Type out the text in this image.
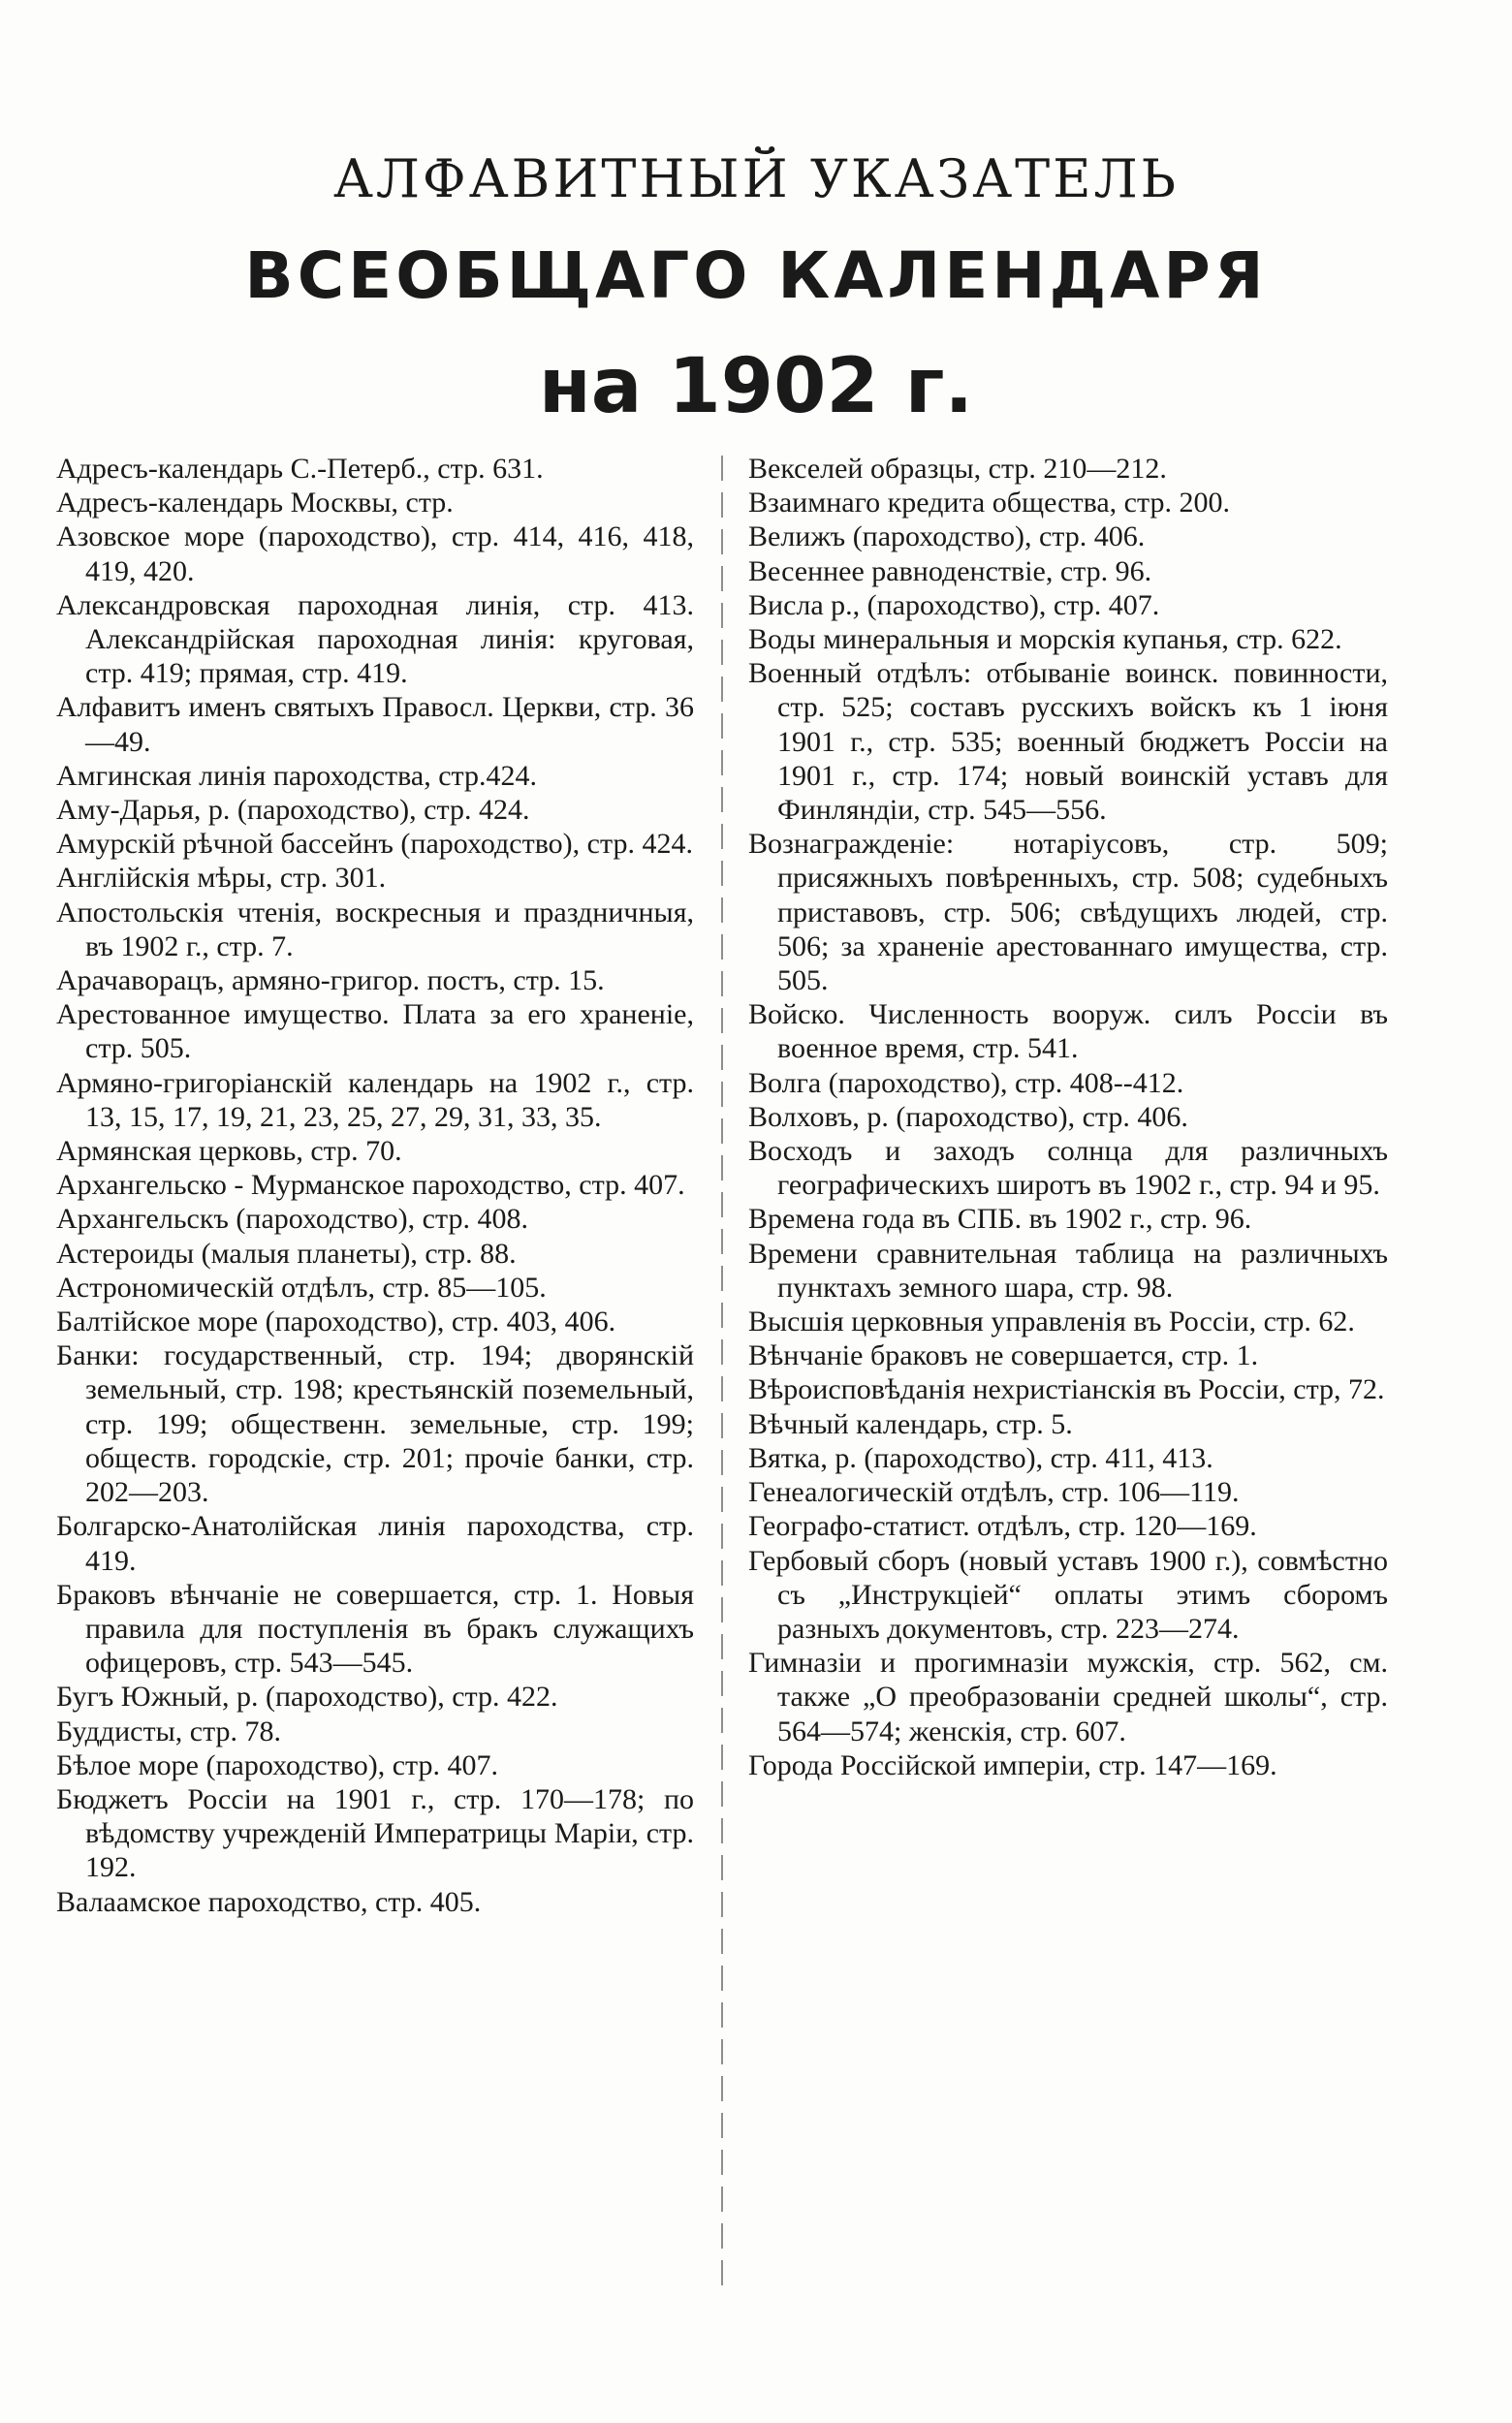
АЛФАВИТНЫЙ УКАЗАТЕЛЬ
ВСЕОБЩАГО КАЛЕНДАРЯ
на 1902 г.
Адресъ-календарь С.-Петерб., стр. 631.
Адресъ-календарь Москвы, стр.
Азовское море (пароходство), стр. 414, 416, 418, 419, 420.
Александровская пароходная линія, стр. 413. Александрійская пароходная линія: круговая, стр. 419; прямая, стр. 419.
Алфавитъ именъ святыхъ Правосл. Церкви, стр. 36—49.
Амгинская линія пароходства, стр.424.
Аму-Дарья, р. (пароходство), стр. 424.
Амурскій рѣчной бассейнъ (пароходство), стр. 424.
Англійскія мѣры, стр. 301.
Апостольскія чтенія, воскресныя и праздничныя, въ 1902 г., стр. 7.
Арачаворацъ, армяно-григор. постъ, стр. 15.
Арестованное имущество. Плата за его храненіе, стр. 505.
Армяно-григоріанскій календарь на 1902 г., стр. 13, 15, 17, 19, 21, 23, 25, 27, 29, 31, 33, 35.
Армянская церковь, стр. 70.
Архангельско - Мурманское пароходство, стр. 407.
Архангельскъ (пароходство), стр. 408.
Астероиды (малыя планеты), стр. 88.
Астрономическій отдѣлъ, стр. 85—105.
Балтійское море (пароходство), стр. 403, 406.
Банки: государственный, стр. 194; дворянскій земельный, стр. 198; крестьянскій поземельный, стр. 199; общественн. земельные, стр. 199; обществ. городскіе, стр. 201; прочіе банки, стр. 202—203.
Болгарско-Анатолійская линія пароходства, стр. 419.
Браковъ вѣнчаніе не совершается, стр. 1. Новыя правила для поступленія въ бракъ служащихъ офицеровъ, стр. 543—545.
Бугъ Южный, р. (пароходство), стр. 422.
Буддисты, стр. 78.
Бѣлое море (пароходство), стр. 407.
Бюджетъ Россіи на 1901 г., стр. 170—178; по вѣдомству учрежденій Императрицы Маріи, стр. 192.
Валаамское пароходство, стр. 405.
Векселей образцы, стр. 210—212.
Взаимнаго кредита общества, стр. 200.
Велижъ (пароходство), стр. 406.
Весеннее равноденствіе, стр. 96.
Висла р., (пароходство), стр. 407.
Воды минеральныя и морскія купанья, стр. 622.
Военный отдѣлъ: отбываніе воинск. повинности, стр. 525; составъ русскихъ войскъ къ 1 іюня 1901 г., стр. 535; военный бюджетъ Россіи на 1901 г., стр. 174; новый воинскій уставъ для Финляндіи, стр. 545—556.
Вознагражденіе: нотаріусовъ, стр. 509; присяжныхъ повѣренныхъ, стр. 508; судебныхъ приставовъ, стр. 506; свѣдущихъ людей, стр. 506; за храненіе арестованнаго имущества, стр. 505.
Войско. Численность вооруж. силъ Россіи въ военное время, стр. 541.
Волга (пароходство), стр. 408--412.
Волховъ, р. (пароходство), стр. 406.
Восходъ и заходъ солнца для различныхъ географическихъ широтъ въ 1902 г., стр. 94 и 95.
Времена года въ СПБ. въ 1902 г., стр. 96.
Времени сравнительная таблица на различныхъ пунктахъ земного шара, стр. 98.
Высшія церковныя управленія въ Россіи, стр. 62.
Вѣнчаніе браковъ не совершается, стр. 1.
Вѣроисповѣданія нехристіанскія въ Россіи, стр, 72.
Вѣчный календарь, стр. 5.
Вятка, р. (пароходство), стр. 411, 413.
Генеалогическій отдѣлъ, стр. 106—119.
Географо-статист. отдѣлъ, стр. 120—169.
Гербовый сборъ (новый уставъ 1900 г.), совмѣстно съ „Инструкціей“ оплаты этимъ сборомъ разныхъ документовъ, стр. 223—274.
Гимназіи и прогимназіи мужскія, стр. 562, см. также „О преобразованіи средней школы“, стр. 564—574; женскія, стр. 607.
Города Россійской имперіи, стр. 147—169.
